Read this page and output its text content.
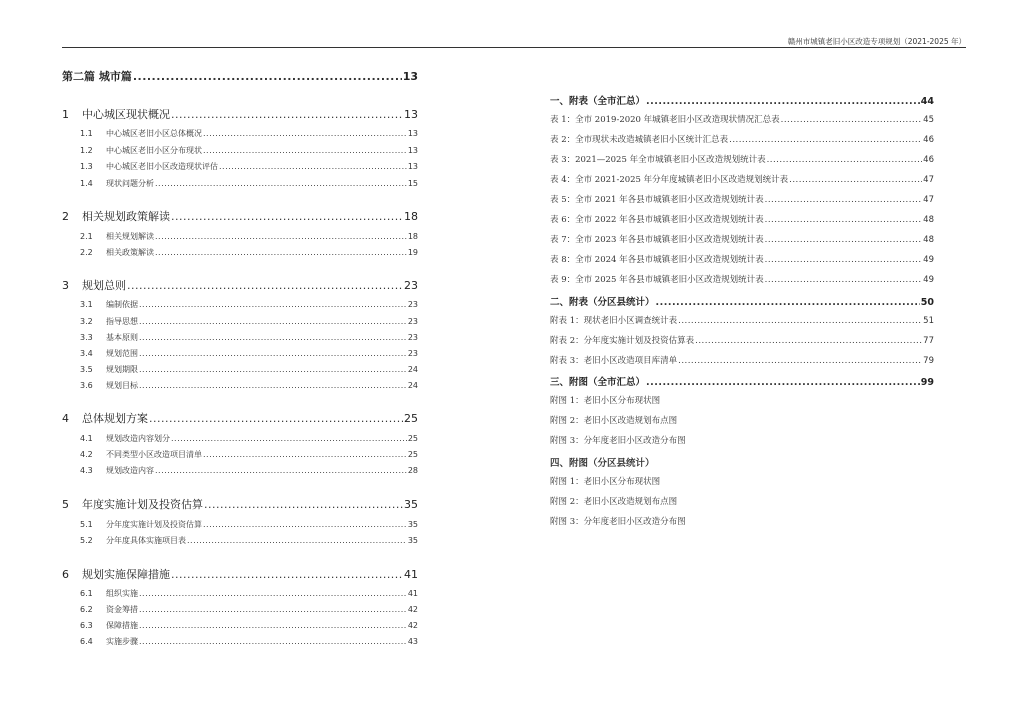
赣州市城镇老旧小区改造专项规划（2021-2025 年）
第二篇 城市篇 .....	13
1	中心城区现状概况 .....	13
1.1	中心城区老旧小区总体概况 .....	13
1.2	中心城区老旧小区分布现状 .....	13
1.3	中心城区老旧小区改造现状评估 .....	13
1.4	现状问题分析 .....	15
2	相关规划政策解读 .....	18
2.1	相关规划解读 .....	18
2.2	相关政策解读 .....	19
3	规划总则 .....	23
3.1	编制依据 .....	23
3.2	指导思想 .....	23
3.3	基本原则 .....	23
3.4	规划范围 .....	23
3.5	规划期限 .....	24
3.6	规划目标 .....	24
4	总体规划方案 .....	25
4.1	规划改造内容划分 .....	25
4.2	不同类型小区改造项目清单 .....	25
4.3	规划改造内容 .....	28
5	年度实施计划及投资估算 .....	35
5.1	分年度实施计划及投资估算 .....	35
5.2	分年度具体实施项目表 .....	35
6	规划实施保障措施 .....	41
6.1	组织实施 .....	41
6.2	资金筹措 .....	42
6.3	保障措施 .....	42
6.4	实施步骤 .....	43
一、附表（全市汇总） .....	44
表 1：全市 2019-2020 年城镇老旧小区改造现状情况汇总表 .....	45
表 2：全市现状未改造城镇老旧小区统计汇总表 .....	46
表 3：2021—2025 年全市城镇老旧小区改造规划统计表 .....	46
表 4：全市 2021-2025 年分年度城镇老旧小区改造规划统计表 .....	47
表 5：全市 2021 年各县市城镇老旧小区改造规划统计表 .....	47
表 6：全市 2022 年各县市城镇老旧小区改造规划统计表 .....	48
表 7：全市 2023 年各县市城镇老旧小区改造规划统计表 .....	48
表 8：全市 2024 年各县市城镇老旧小区改造规划统计表 .....	49
表 9：全市 2025 年各县市城镇老旧小区改造规划统计表 .....	49
二、附表（分区县统计） .....	50
附表 1：现状老旧小区调查统计表 .....	51
附表 2：分年度实施计划及投资估算表 .....	77
附表 3：老旧小区改造项目库清单 .....	79
三、附图（全市汇总） .....	99
附图 1：老旧小区分布现状图
附图 2：老旧小区改造规划布点图
附图 3：分年度老旧小区改造分布图
四、附图（分区县统计）
附图 1：老旧小区分布现状图
附图 2：老旧小区改造规划布点图
附图 3：分年度老旧小区改造分布图
